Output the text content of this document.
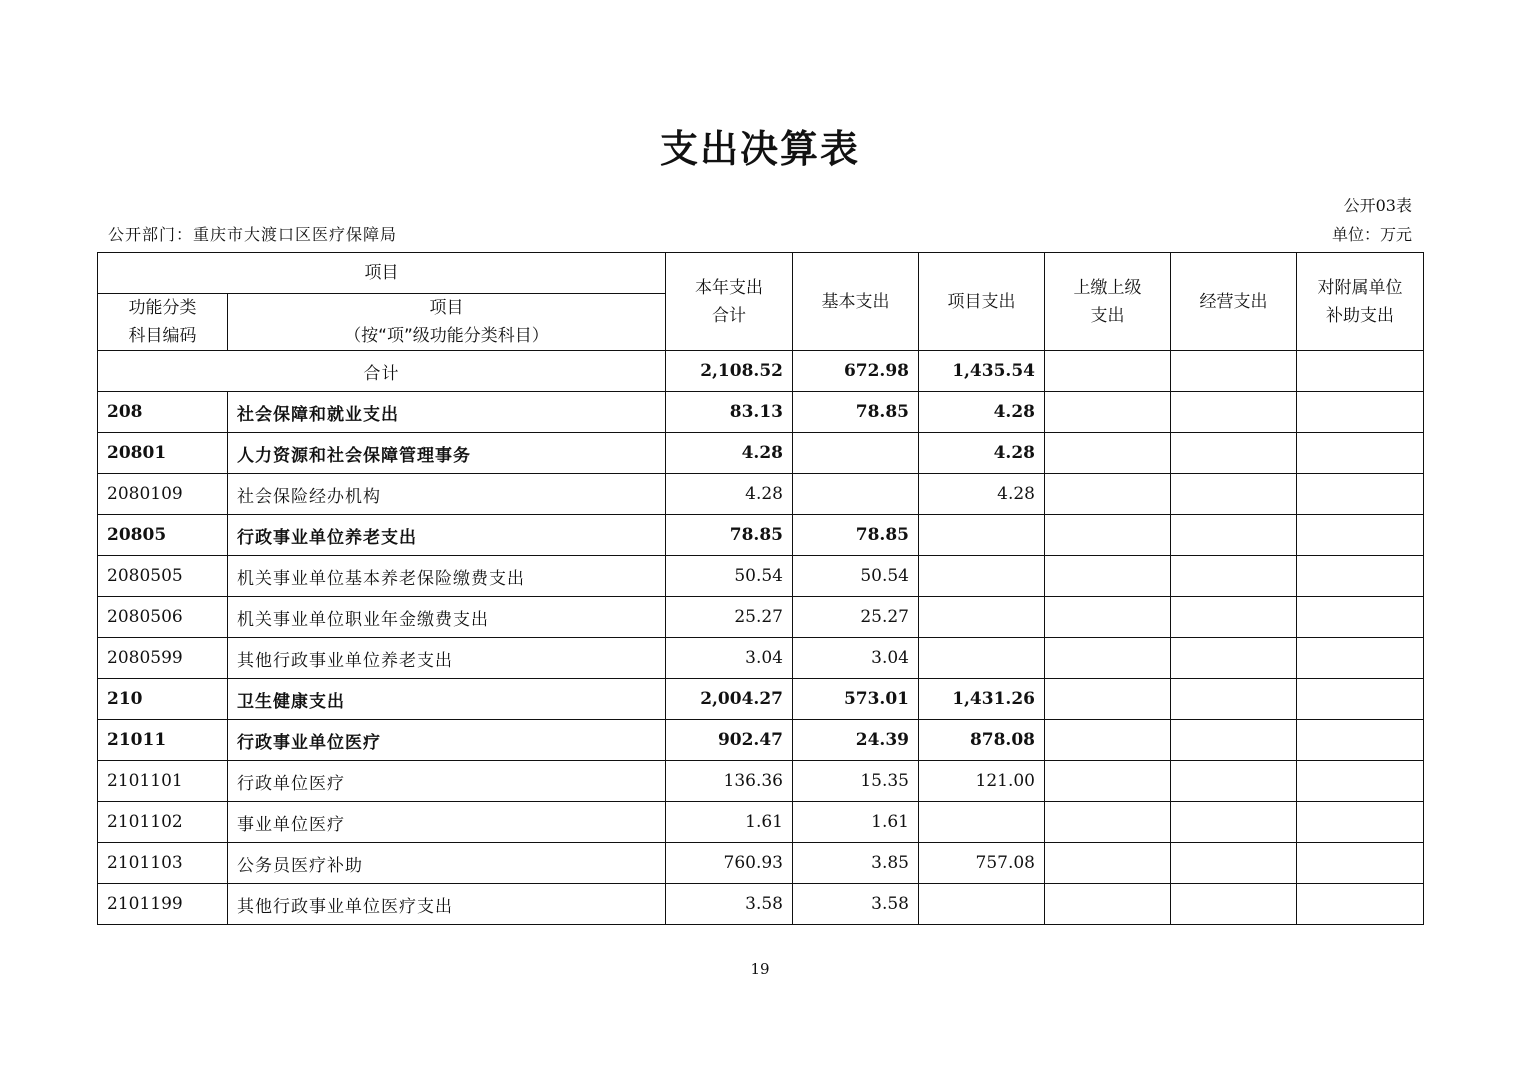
支出决算表
公开03表
公开部门：重庆市大渡口区医疗保障局	单位：万元
项目		本年支出合计	基本支出	项目支出	上缴上级支出	经营支出	对附属单位补助支出
功能分类科目编码	项目
（按“项”级功能分类科目）						

合计		2,108.52	672.98	1,435.54			
208	社会保障和就业支出	83.13	78.85	4.28			
20801	人力资源和社会保障管理事务	4.28		4.28			
2080109	社会保险经办机构	4.28		4.28			
20805	行政事业单位养老支出	78.85	78.85				
2080505	机关事业单位基本养老保险缴费支出	50.54	50.54				
2080506	机关事业单位职业年金缴费支出	25.27	25.27				
2080599	其他行政事业单位养老支出	3.04	3.04				
210	卫生健康支出	2,004.27	573.01	1,431.26			
21011	行政事业单位医疗	902.47	24.39	878.08			
2101101	行政单位医疗	136.36	15.35	121.00			
2101102	事业单位医疗	1.61	1.61				
2101103	公务员医疗补助	760.93	3.85	757.08			
2101199	其他行政事业单位医疗支出	3.58	3.58				
19
